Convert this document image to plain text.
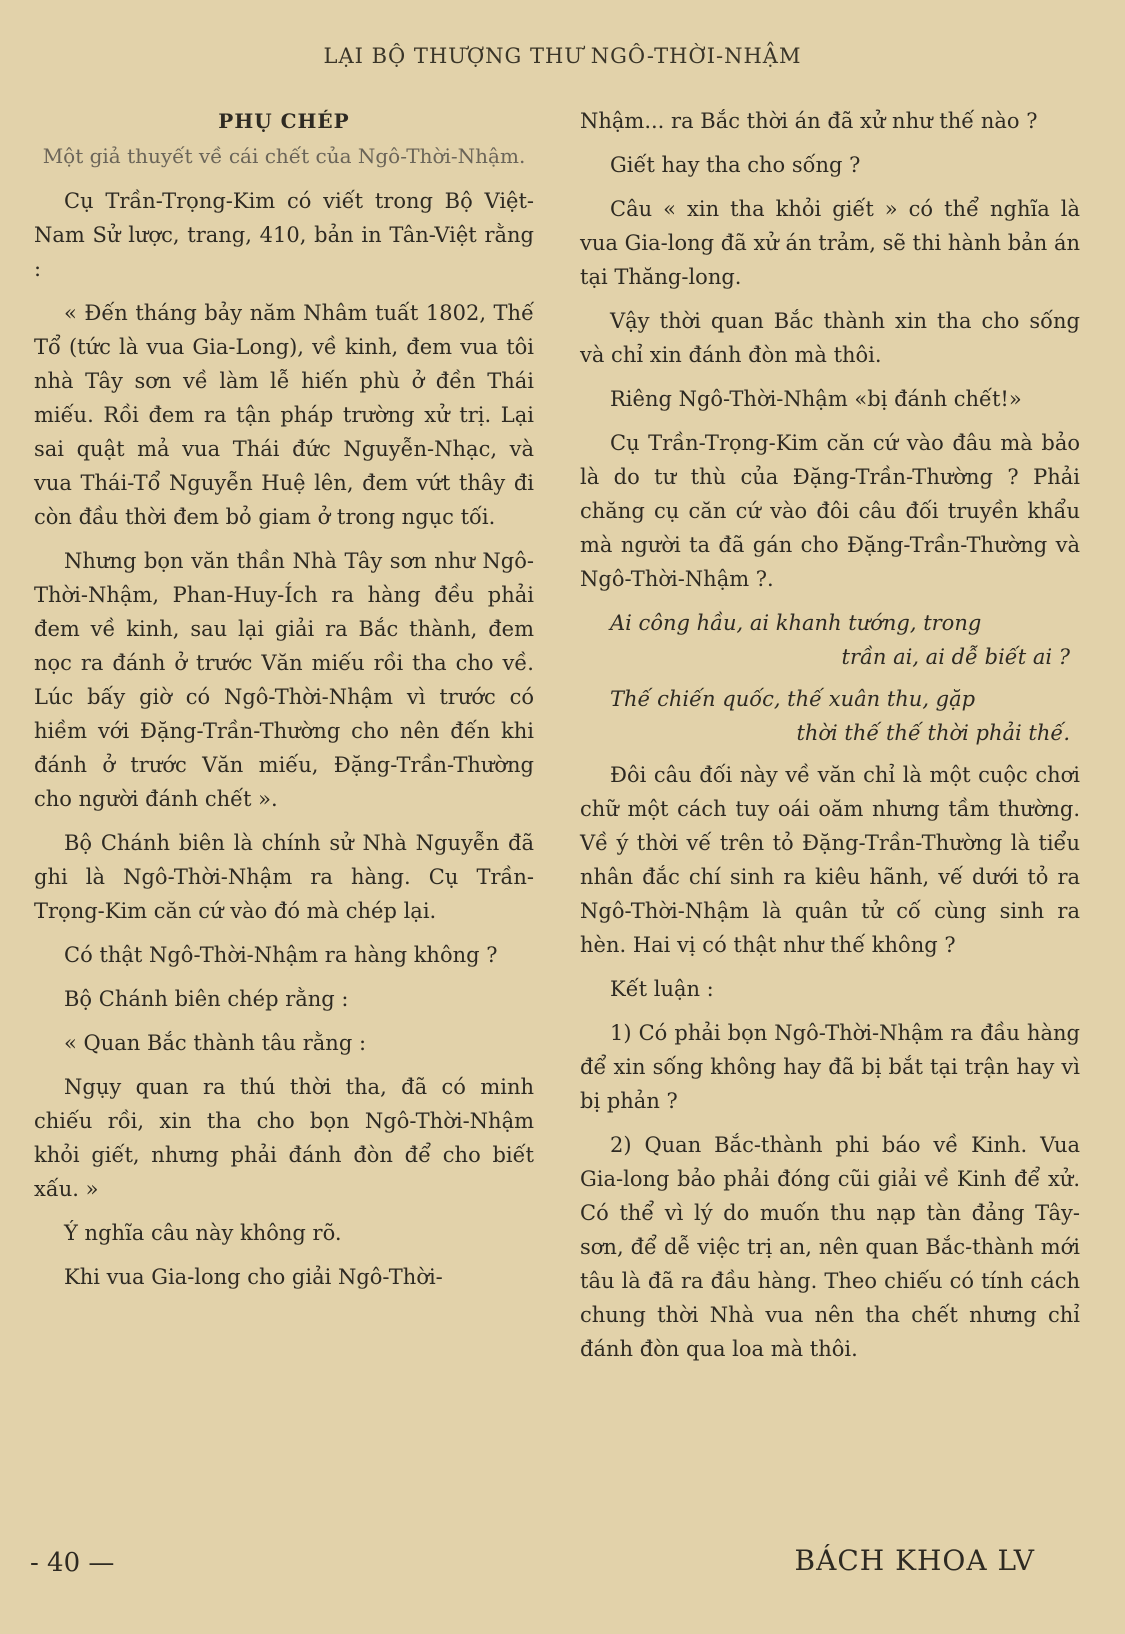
LẠI BỘ THƯỢNG THƯ NGÔ-THỜI-NHẬM
PHỤ CHÉP
Một giả thuyết về cái chết của Ngô-Thời-Nhậm.

Cụ Trần-Trọng-Kim có viết trong Bộ Việt-Nam Sử lược, trang, 410, bản in Tân-Việt rằng :

« Đến tháng bảy năm Nhâm tuất 1802, Thế Tổ (tức là vua Gia-Long), về kinh, đem vua tôi nhà Tây sơn về làm lễ hiến phù ở đền Thái miếu. Rồi đem ra tận pháp trường xử trị. Lại sai quật mả vua Thái đức Nguyễn-Nhạc, và vua Thái-Tổ Nguyễn Huệ lên, đem vứt thây đi còn đầu thời đem bỏ giam ở trong ngục tối.

Nhưng bọn văn thần Nhà Tây sơn như Ngô-Thời-Nhậm, Phan-Huy-Ích ra hàng đều phải đem về kinh, sau lại giải ra Bắc thành, đem nọc ra đánh ở trước Văn miếu rồi tha cho về. Lúc bấy giờ có Ngô-Thời-Nhậm vì trước có hiềm với Đặng-Trần-Thường cho nên đến khi đánh ở trước Văn miếu, Đặng-Trần-Thường cho người đánh chết ».

Bộ Chánh biên là chính sử Nhà Nguyễn đã ghi là Ngô-Thời-Nhậm ra hàng. Cụ Trần-Trọng-Kim căn cứ vào đó mà chép lại.

Có thật Ngô-Thời-Nhậm ra hàng không ?

Bộ Chánh biên chép rằng :

« Quan Bắc thành tâu rằng :

Ngụy quan ra thú thời tha, đã có minh chiếu rồi, xin tha cho bọn Ngô-Thời-Nhậm khỏi giết, nhưng phải đánh đòn để cho biết xấu. »

Ý nghĩa câu này không rõ.

Khi vua Gia-long cho giải Ngô-Thời-

Nhậm... ra Bắc thời án đã xử như thế nào ?

Giết hay tha cho sống ?

Câu « xin tha khỏi giết » có thể nghĩa là vua Gia-long đã xử án trảm, sẽ thi hành bản án tại Thăng-long.

Vậy thời quan Bắc thành xin tha cho sống và chỉ xin đánh đòn mà thôi.

Riêng Ngô-Thời-Nhậm «bị đánh chết!»

Cụ Trần-Trọng-Kim căn cứ vào đâu mà bảo là do tư thù của Đặng-Trần-Thường ? Phải chăng cụ căn cứ vào đôi câu đối truyền khẩu mà người ta đã gán cho Đặng-Trần-Thường và Ngô-Thời-Nhậm ?.

Ai công hầu, ai khanh tướng, trong
trần ai, ai dễ biết ai ?
Thế chiến quốc, thế xuân thu, gặp
thời thế thế thời phải thế.

Đôi câu đối này về văn chỉ là một cuộc chơi chữ một cách tuy oái oăm nhưng tầm thường. Về ý thời vế trên tỏ Đặng-Trần-Thường là tiểu nhân đắc chí sinh ra kiêu hãnh, vế dưới tỏ ra Ngô-Thời-Nhậm là quân tử cố cùng sinh ra hèn. Hai vị có thật như thế không ?

Kết luận :

1) Có phải bọn Ngô-Thời-Nhậm ra đầu hàng để xin sống không hay đã bị bắt tại trận hay vì bị phản ?

2) Quan Bắc-thành phi báo về Kinh. Vua Gia-long bảo phải đóng cũi giải về Kinh để xử. Có thể vì lý do muốn thu nạp tàn đảng Tây-sơn, để dễ việc trị an, nên quan Bắc-thành mới tâu là đã ra đầu hàng. Theo chiếu có tính cách chung thời Nhà vua nên tha chết nhưng chỉ đánh đòn qua loa mà thôi.

- 40 —	BÁCH KHOA LV
